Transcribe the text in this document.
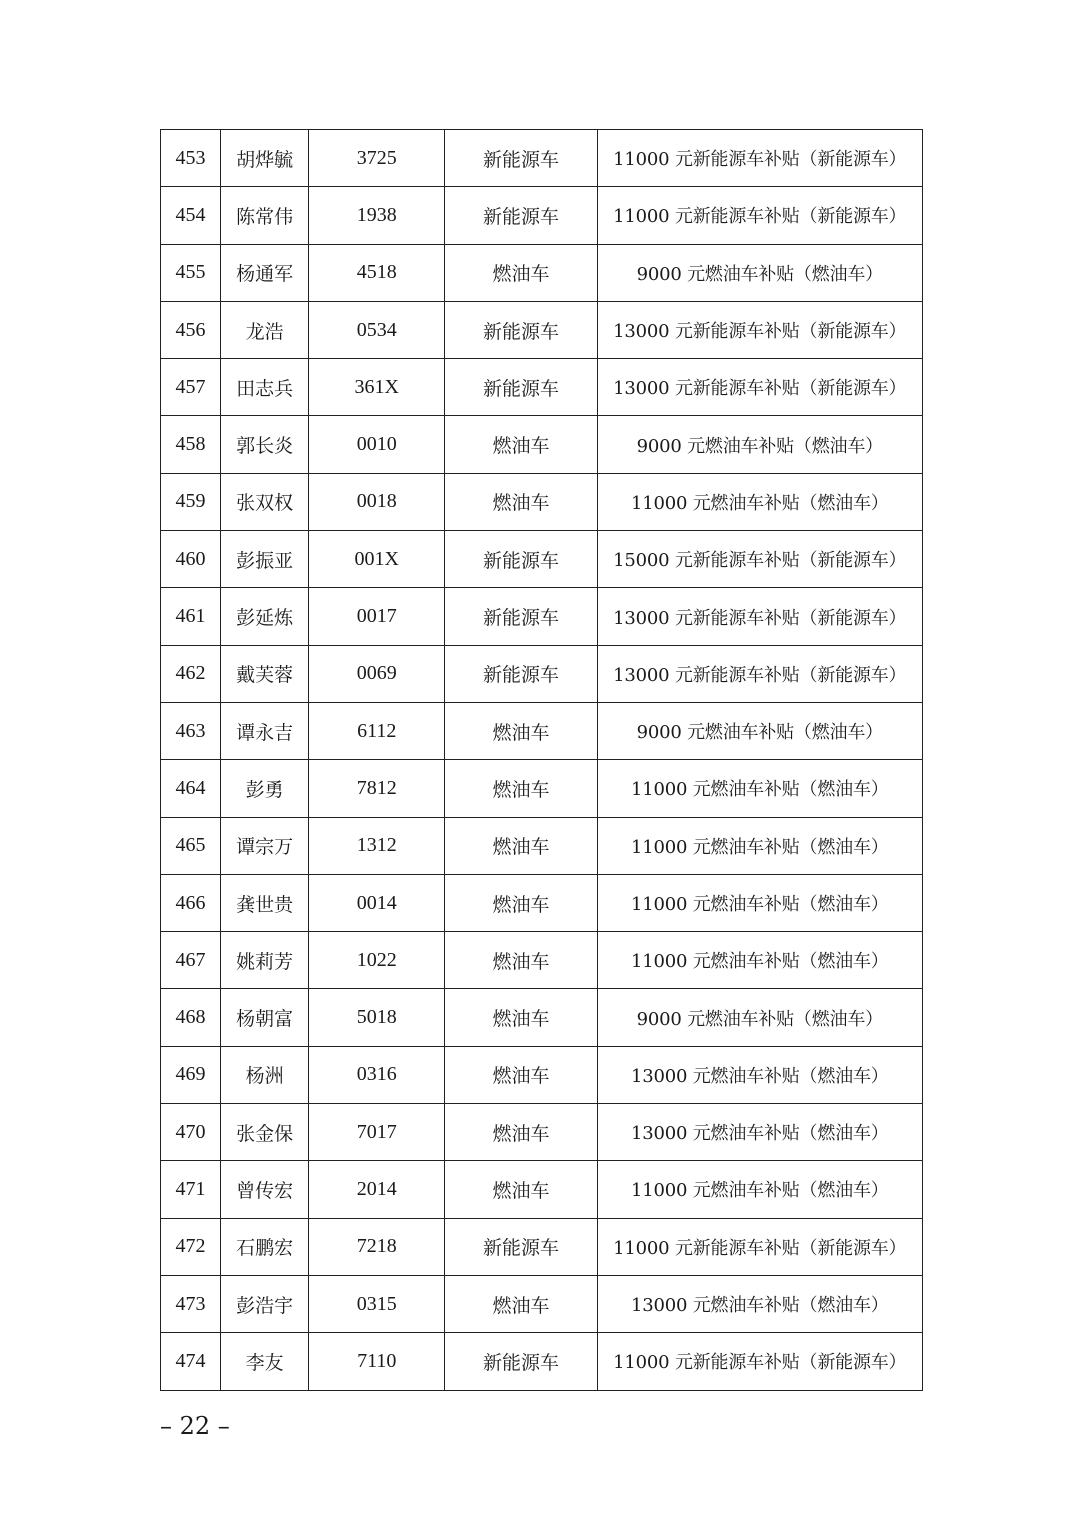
453	胡烨毓	3725	新能源车	11000 元新能源车补贴（新能源车）
454	陈常伟	1938	新能源车	11000 元新能源车补贴（新能源车）
455	杨通军	4518	燃油车	9000 元燃油车补贴（燃油车）
456	龙浩	0534	新能源车	13000 元新能源车补贴（新能源车）
457	田志兵	361X	新能源车	13000 元新能源车补贴（新能源车）
458	郭长炎	0010	燃油车	9000 元燃油车补贴（燃油车）
459	张双权	0018	燃油车	11000 元燃油车补贴（燃油车）
460	彭振亚	001X	新能源车	15000 元新能源车补贴（新能源车）
461	彭延炼	0017	新能源车	13000 元新能源车补贴（新能源车）
462	戴芙蓉	0069	新能源车	13000 元新能源车补贴（新能源车）
463	谭永吉	6112	燃油车	9000 元燃油车补贴（燃油车）
464	彭勇	7812	燃油车	11000 元燃油车补贴（燃油车）
465	谭宗万	1312	燃油车	11000 元燃油车补贴（燃油车）
466	龚世贵	0014	燃油车	11000 元燃油车补贴（燃油车）
467	姚莉芳	1022	燃油车	11000 元燃油车补贴（燃油车）
468	杨朝富	5018	燃油车	9000 元燃油车补贴（燃油车）
469	杨洲	0316	燃油车	13000 元燃油车补贴（燃油车）
470	张金保	7017	燃油车	13000 元燃油车补贴（燃油车）
471	曾传宏	2014	燃油车	11000 元燃油车补贴（燃油车）
472	石鹏宏	7218	新能源车	11000 元新能源车补贴（新能源车）
473	彭浩宇	0315	燃油车	13000 元燃油车补贴（燃油车）
474	李友	7110	新能源车	11000 元新能源车补贴（新能源车）
– 22 –
